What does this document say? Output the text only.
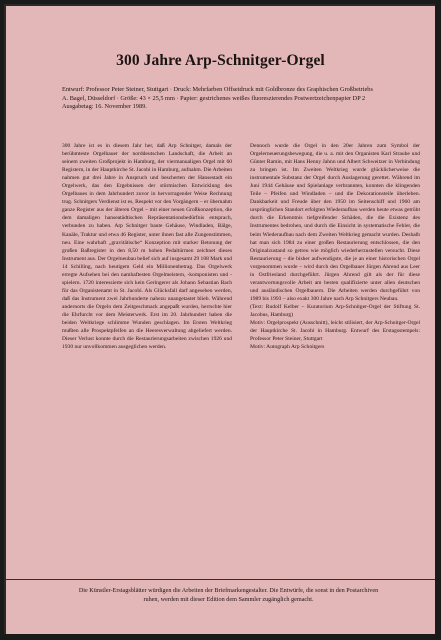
300 Jahre Arp-Schnitger-Orgel
Entwurf: Professor Peter Steiner, Stuttgart · Druck: Mehrfarben Offsetdruck mit Goldbronze des Graphischen Großbetriebs
A. Bagel, Düsseldorf · Größe: 43 × 25,5 mm · Papier: gestrichenes weißes fluoreszierendes Postwertzeichenpapier DP 2
Ausgabetag: 16. November 1989.

300 Jahre ist es in diesem Jahr her, daß Arp Schnitger, damals der berühmteste Orgelbauer der norddeutschen Landschaft, die Arbeit an seinem zweiten Großprojekt in Hamburg, der viermanualigen Orgel mit 60 Registern, in der Hauptkirche St. Jacobi in Hamburg, aufnahm. Die Arbeiten nahmen gut drei Jahre in Anspruch und bescherten der Hansestadt ein Orgelwerk, das den Ergebnissen der stürmischen Entwicklung des Orgelbaues in dem Jahrhundert zuvor in hervorragender Weise Rechnung trug. Schnitgers Verdienst ist es, Respekt vor den Vorgängern – er übernahm ganze Register aus der älteren Orgel – mit einer neuen Großkonzeption, die dem damaligen hanseatädtischen Repräsentationsbedürfnis entsprach, verbunden zu haben. Arp Schnitger baute Gehäuse, Windladen, Bälge, Kanäle, Traktur und etwa 46 Register, unter ihnen fast alle Zungenstimmen, neu. Eine wahrhaft „gravitätische“ Konzeption mit starker Betonung der großen Baßregister in den 8,50 m hohen Pedaltürmen zeichnet dieses Instrument aus. Der Orgelneubau belief sich auf insgesamt 29 108 Mark und 14 Schilling, nach heutigem Geld ein Millionenbetrag. Das Orgelwerk erregte Aufsehen bei den namhaftesten Orgelmeistern, -komponisten und -spielern. 1720 interessierte sich kein Geringerer als Johann Sebastian Bach für das Organistenamt in St. Jacobi. Als Glücksfall darf angesehen werden, daß das Instrument zwei Jahrhunderte nahezu unangetastet blieb. Während andernorts die Orgeln dem Zeitgeschmack angepaßt wurden, herrschte hier die Ehrfurcht vor dem Meisterwerk. Erst im 20. Jahrhundert haben die beiden Weltkriege schlimme Wunden geschlagen. Im Ersten Weltkrieg mußten alle Prospektpfeifen an die Heeresverwaltung abgeliefert werden. Dieser Verlust konnte durch die Restaurierungsarbeiten zwischen 1926 und 1930 nur unvollkommen ausgeglichen werden.

Dennoch wurde die Orgel in den 20er Jahren zum Symbol der Orgelerneuerungsbewegung, die u. a. mit den Organisten Karl Straube und Günter Ramin, mit Hans Henny Jahnn und Albert Schweitzer in Verbindung zu bringen ist. Im Zweiten Weltkrieg wurde glücklicherweise die instrumentale Substanz der Orgel durch Auslagerung gerettet. Während im Juni 1944 Gehäuse und Spielanlage verbrannten, konnten die klingenden Teile – Pfeifen und Windladen – und die Dekorationsteile überleben. Dankbarkeit und Freude über den 1950 im Seitenschiff und 1960 am ursprünglichen Standort erfolgten Wiederaufbau werden heute etwas getrübt durch die Erkenntnis tiefgreifender Schäden, die die Existenz des Instrumentes bedrohen, und durch die Einsicht in systematische Fehler, die beim Wiederaufbau nach dem Zweiten Weltkrieg gemacht wurden. Deshalb hat man sich 1984 zu einer großen Restaurierung entschlossen, die den Originalzustand so getreu wie möglich wiederherzustellen versucht. Diese Restaurierung – die bisher aufwendigste, die je an einer historischen Orgel vorgenommen wurde – wird durch den Orgelbauer Jürgen Ahrend aus Leer in Ostfriesland durchgeführt. Jürgen Ahrend gilt als der für diese verantwortungsvolle Arbeit am besten qualifizierte unter allen deutschen und ausländischen Orgelbauern. Die Arbeiten werden durchgeführt von 1989 bis 1993 – also exakt 300 Jahre nach Arp Schnitgers Neubau.

(Text: Rudolf Kelber – Kuratorium Arp-Schnitger-Orgel der Stiftung St. Jacobus, Hamburg)

Motiv: Orgelprospekt (Ausschnitt), leicht stilisiert, der Arp-Schnitger-Orgel der Hauptkirche St. Jacobi in Hamburg. Entwurf des Erstagsstempels: Professor Peter Steiner, Stuttgart

Motiv: Autograph Arp Schnitgers

Die Künstler-Erstagsblätter würdigen die Arbeiten der Briefmarkengestalter. Die Entwürfe, die sonst in den Postarchiven
ruhen, werden mit dieser Edition dem Sammler zugänglich gemacht.
